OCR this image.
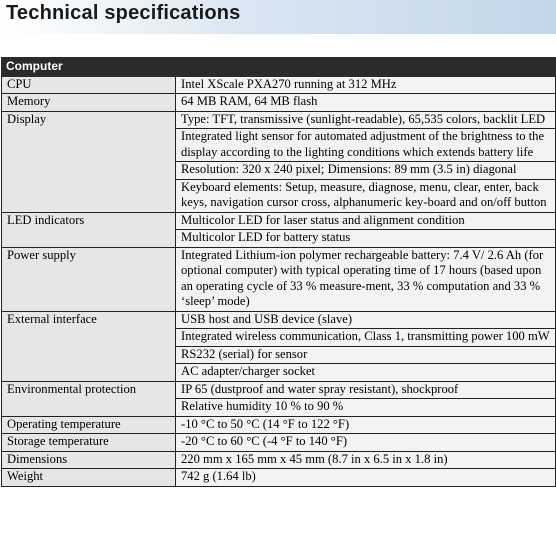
Technical specifications
Computer	
CPU	Intel XScale PXA270 running at 312 MHz
Memory	64 MB RAM, 64 MB flash
Display	Type: TFT, transmissive (sunlight-readable), 65,535 colors, backlit LED
	Integrated light sensor for automated adjustment of the brightness to the display according to the lighting conditions which extends battery life
	Resolution: 320 x 240 pixel; Dimensions: 89 mm (3.5 in) diagonal
	Keyboard elements: Setup, measure, diagnose, menu, clear, enter, back keys, navigation cursor cross, alphanumeric key-board and on/off button
LED indicators	Multicolor LED for laser status and alignment condition
	Multicolor LED for battery status
Power supply	Integrated Lithium-ion polymer rechargeable battery: 7.4 V/ 2.6 Ah (for optional computer) with typical operating time of 17 hours (based upon an operating cycle of 33 % measure-ment, 33 % computation and 33 % ‘sleep’ mode)
External interface	USB host and USB device (slave)
	Integrated wireless communication, Class 1, transmitting power 100 mW
	RS232 (serial) for sensor
	AC adapter/charger socket
Environmental protection	IP 65 (dustproof and water spray resistant), shockproof
	Relative humidity 10 % to 90 %
Operating temperature	-10 °C to 50 °C (14 °F to 122 °F)
Storage temperature	-20 °C to 60 °C (-4 °F to 140 °F)
Dimensions	220 mm x 165 mm x 45 mm (8.7 in x 6.5 in x 1.8 in)
Weight	742 g (1.64 lb)
